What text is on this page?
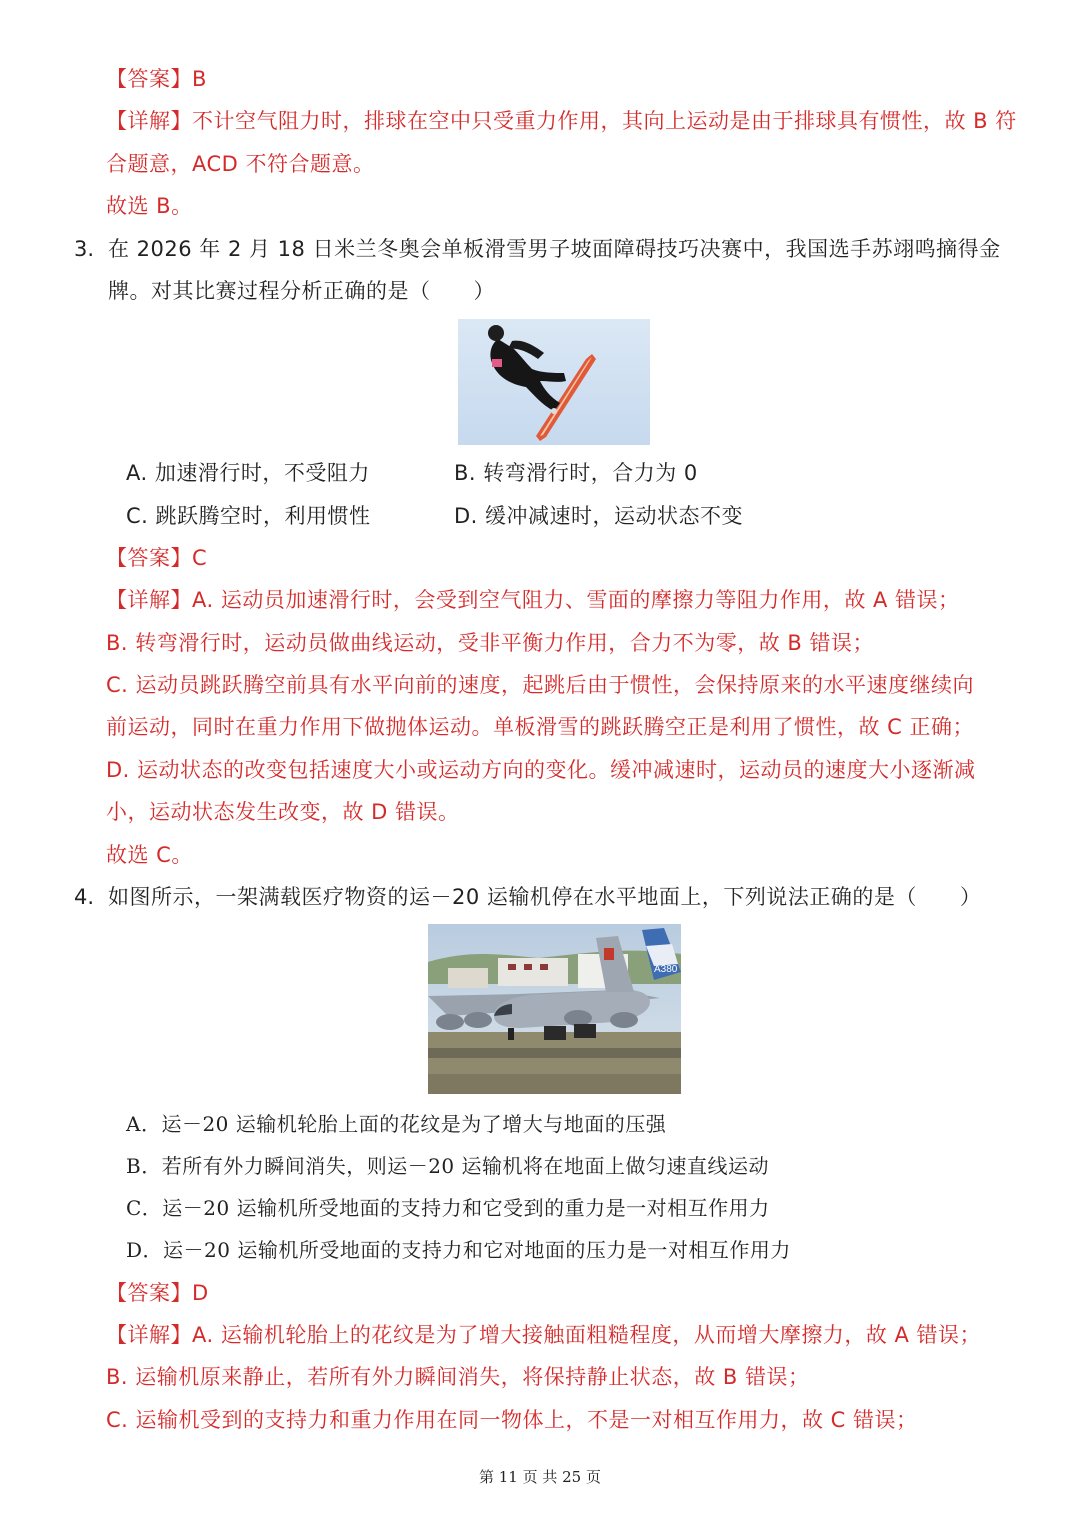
【答案】B
【详解】不计空气阻力时，排球在空中只受重力作用，其向上运动是由于排球具有惯性，故 B 符
合题意，ACD 不符合题意。
故选 B。
3. 在 2026 年 2 月 18 日米兰冬奥会单板滑雪男子坡面障碍技巧决赛中，我国选手苏翊鸣摘得金
牌。对其比赛过程分析正确的是（　　）
A. 加速滑行时，不受阻力	B. 转弯滑行时，合力为 0
C. 跳跃腾空时，利用惯性	D. 缓冲减速时，运动状态不变
【答案】C
【详解】A. 运动员加速滑行时，会受到空气阻力、雪面的摩擦力等阻力作用，故 A 错误；
B. 转弯滑行时，运动员做曲线运动，受非平衡力作用，合力不为零，故 B 错误；
C. 运动员跳跃腾空前具有水平向前的速度，起跳后由于惯性，会保持原来的水平速度继续向
前运动，同时在重力作用下做抛体运动。单板滑雪的跳跃腾空正是利用了惯性，故 C 正确；
D. 运动状态的改变包括速度大小或运动方向的变化。缓冲减速时，运动员的速度大小逐渐减
小，运动状态发生改变，故 D 错误。
故选 C。
4. 如图所示，一架满载医疗物资的运－20 运输机停在水平地面上，下列说法正确的是（　　）
A380
A．运－20 运输机轮胎上面的花纹是为了增大与地面的压强
B．若所有外力瞬间消失，则运－20 运输机将在地面上做匀速直线运动
C．运－20 运输机所受地面的支持力和它受到的重力是一对相互作用力
D．运－20 运输机所受地面的支持力和它对地面的压力是一对相互作用力
【答案】D
【详解】A. 运输机轮胎上的花纹是为了增大接触面粗糙程度，从而增大摩擦力，故 A 错误；
B. 运输机原来静止，若所有外力瞬间消失，将保持静止状态，故 B 错误；
C. 运输机受到的支持力和重力作用在同一物体上，不是一对相互作用力，故 C 错误；
第 11 页 共 25 页
